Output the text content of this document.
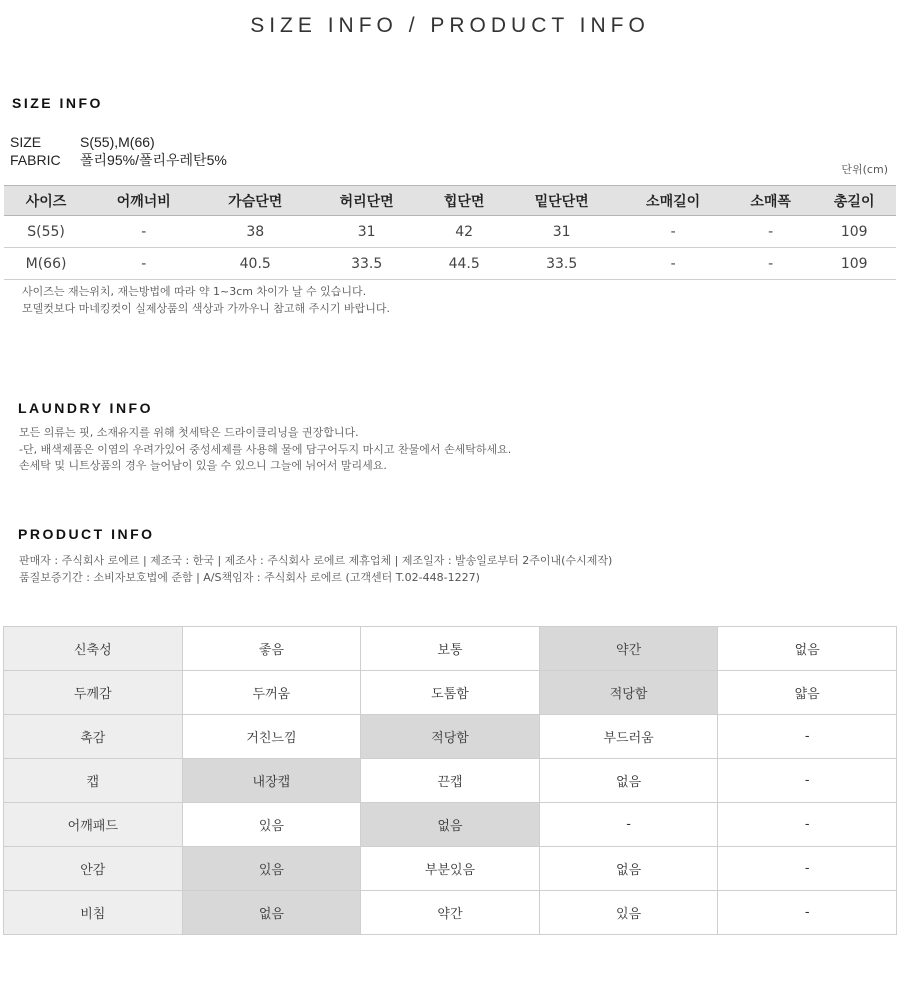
SIZE INFO / PRODUCT INFO
SIZE INFO
SIZE	S(55),M(66)
FABRIC 폴리95%/폴리우레탄5%
단위(cm)
사이즈	어깨너비	가슴단면	허리단면	힙단면	밑단단면	소매길이	소매폭	총길이
S(55)	-	38	31	42	31	-	-	109
M(66)	-	40.5	33.5	44.5	33.5	-	-	109
사이즈는 재는위치, 재는방법에 따라 약 1~3cm 차이가 날 수 있습니다.
모델컷보다 마네킹컷이 실제상품의 색상과 가까우니 참고해 주시기 바랍니다.
LAUNDRY INFO
모든 의류는 핏, 소재유지를 위해 첫세탁은 드라이클리닝을 권장합니다.
-단, 배색제품은 이염의 우려가있어 중성세제를 사용해 물에 담구어두지 마시고 찬물에서 손세탁하세요.
손세탁 및 니트상품의 경우 늘어남이 있을 수 있으니 그늘에 뉘어서 말리세요.
PRODUCT INFO
판매자 : 주식회사 로에르 | 제조국 : 한국 | 제조사 : 주식회사 로에르 제휴업체 | 제조일자 : 발송일로부터 2주이내(수시제작)
품질보증기간 : 소비자보호법에 준함 | A/S책임자 : 주식회사 로에르 (고객센터 T.02-448-1227)
신축성	좋음	보통	약간	없음
두께감	두꺼움	도톰함	적당함	얇음
촉감	거친느낌	적당함	부드러움	-
캡	내장캡	끈캡	없음	-
어깨패드	있음	없음	-	-
안감	있음	부분있음	없음	-
비침	없음	약간	있음	-
